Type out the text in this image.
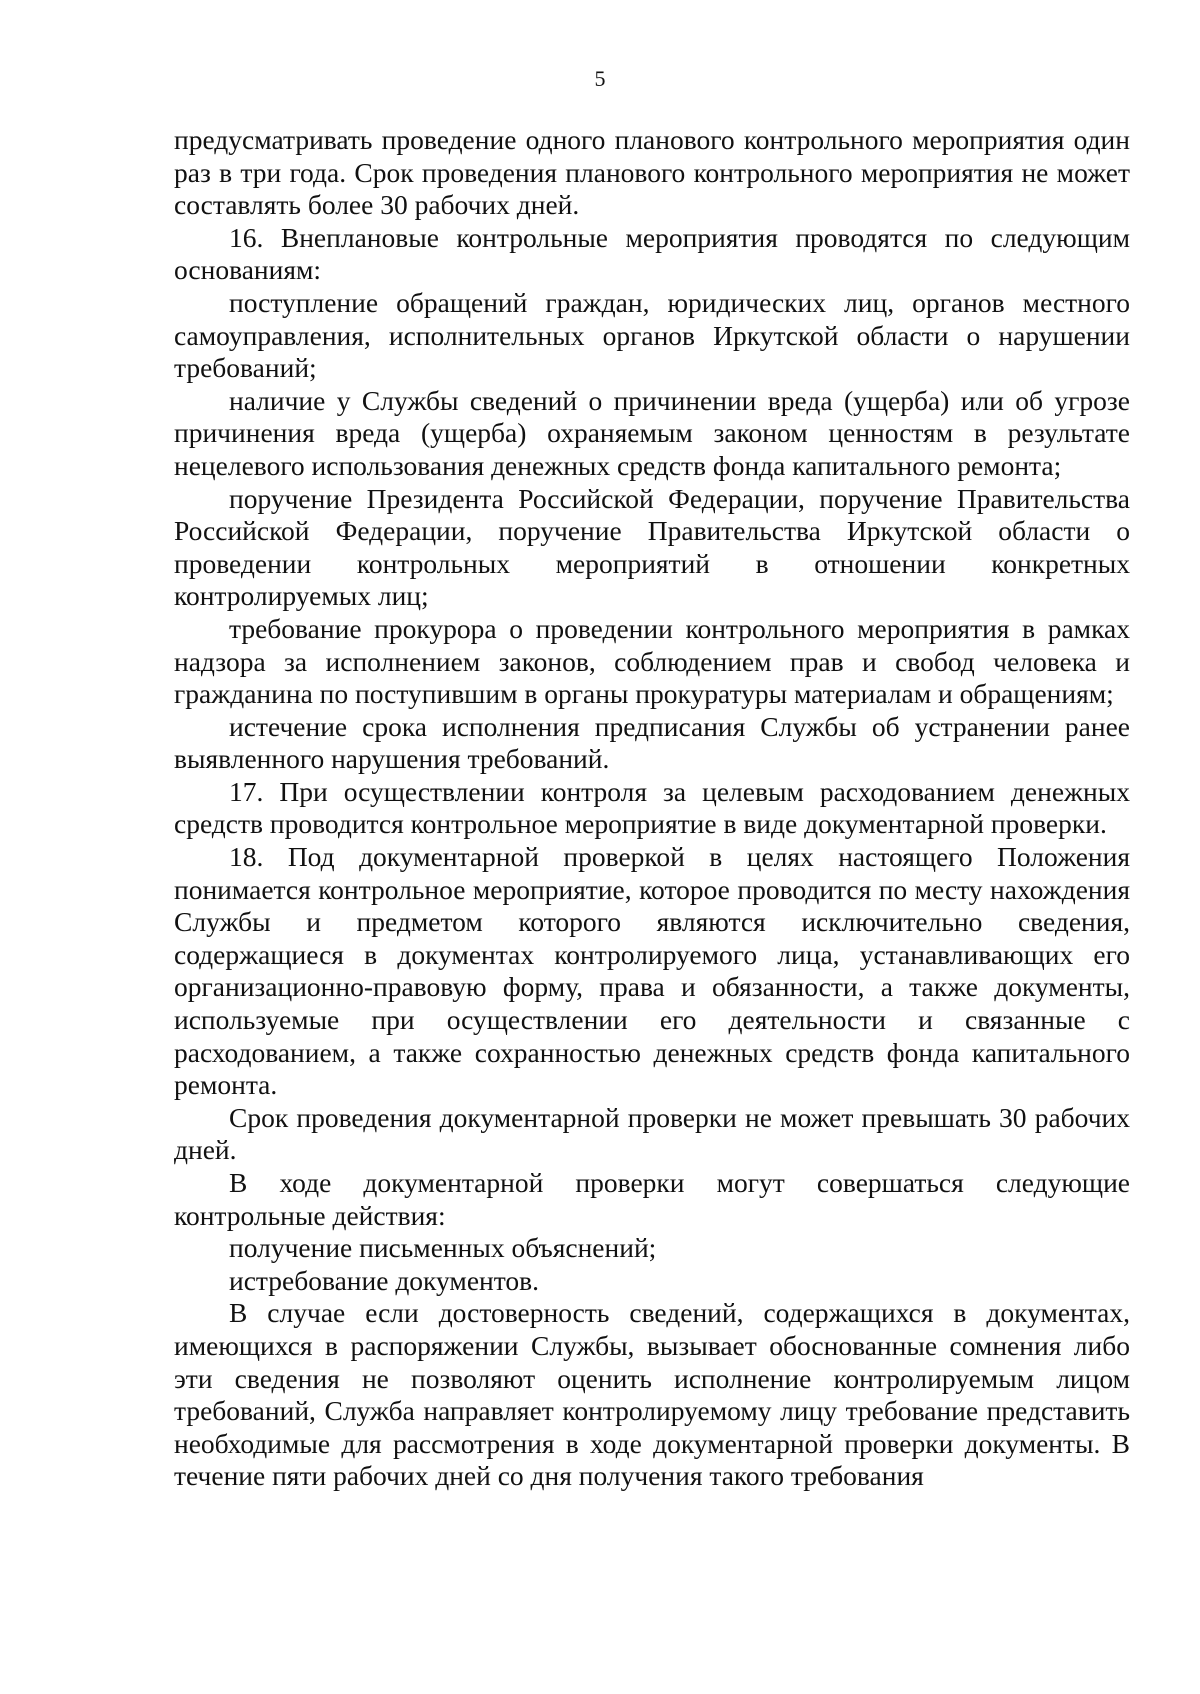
5

предусматривать проведение одного планового контрольного мероприятия один раз в три года. Срок проведения планового контрольного мероприятия не может составлять более 30 рабочих дней.

16. Внеплановые контрольные мероприятия проводятся по следующим основаниям:

поступление обращений граждан, юридических лиц, органов местного самоуправления, исполнительных органов Иркутской области о нарушении требований;

наличие у Службы сведений о причинении вреда (ущерба) или об угрозе причинения вреда (ущерба) охраняемым законом ценностям в результате нецелевого использования денежных средств фонда капитального ремонта;

поручение Президента Российской Федерации, поручение Правительства Российской Федерации, поручение Правительства Иркутской области о проведении контрольных мероприятий в отношении конкретных контролируемых лиц;

требование прокурора о проведении контрольного мероприятия в рамках надзора за исполнением законов, соблюдением прав и свобод человека и гражданина по поступившим в органы прокуратуры материалам и обращениям;

истечение срока исполнения предписания Службы об устранении ранее выявленного нарушения требований.

17. При осуществлении контроля за целевым расходованием денежных средств проводится контрольное мероприятие в виде документарной проверки.

18. Под документарной проверкой в целях настоящего Положения понимается контрольное мероприятие, которое проводится по месту нахождения Службы и предметом которого являются исключительно сведения, содержащиеся в документах контролируемого лица, устанавливающих его организационно-правовую форму, права и обязанности, а также документы, используемые при осуществлении его деятельности и связанные с расходованием, а также сохранностью денежных средств фонда капитального ремонта.

Срок проведения документарной проверки не может превышать 30 рабочих дней.

В ходе документарной проверки могут совершаться следующие контрольные действия:

получение письменных объяснений;

истребование документов.

В случае если достоверность сведений, содержащихся в документах, имеющихся в распоряжении Службы, вызывает обоснованные сомнения либо эти сведения не позволяют оценить исполнение контролируемым лицом требований, Служба направляет контролируемому лицу требование представить необходимые для рассмотрения в ходе документарной проверки документы. В течение пяти рабочих дней со дня получения такого требования
